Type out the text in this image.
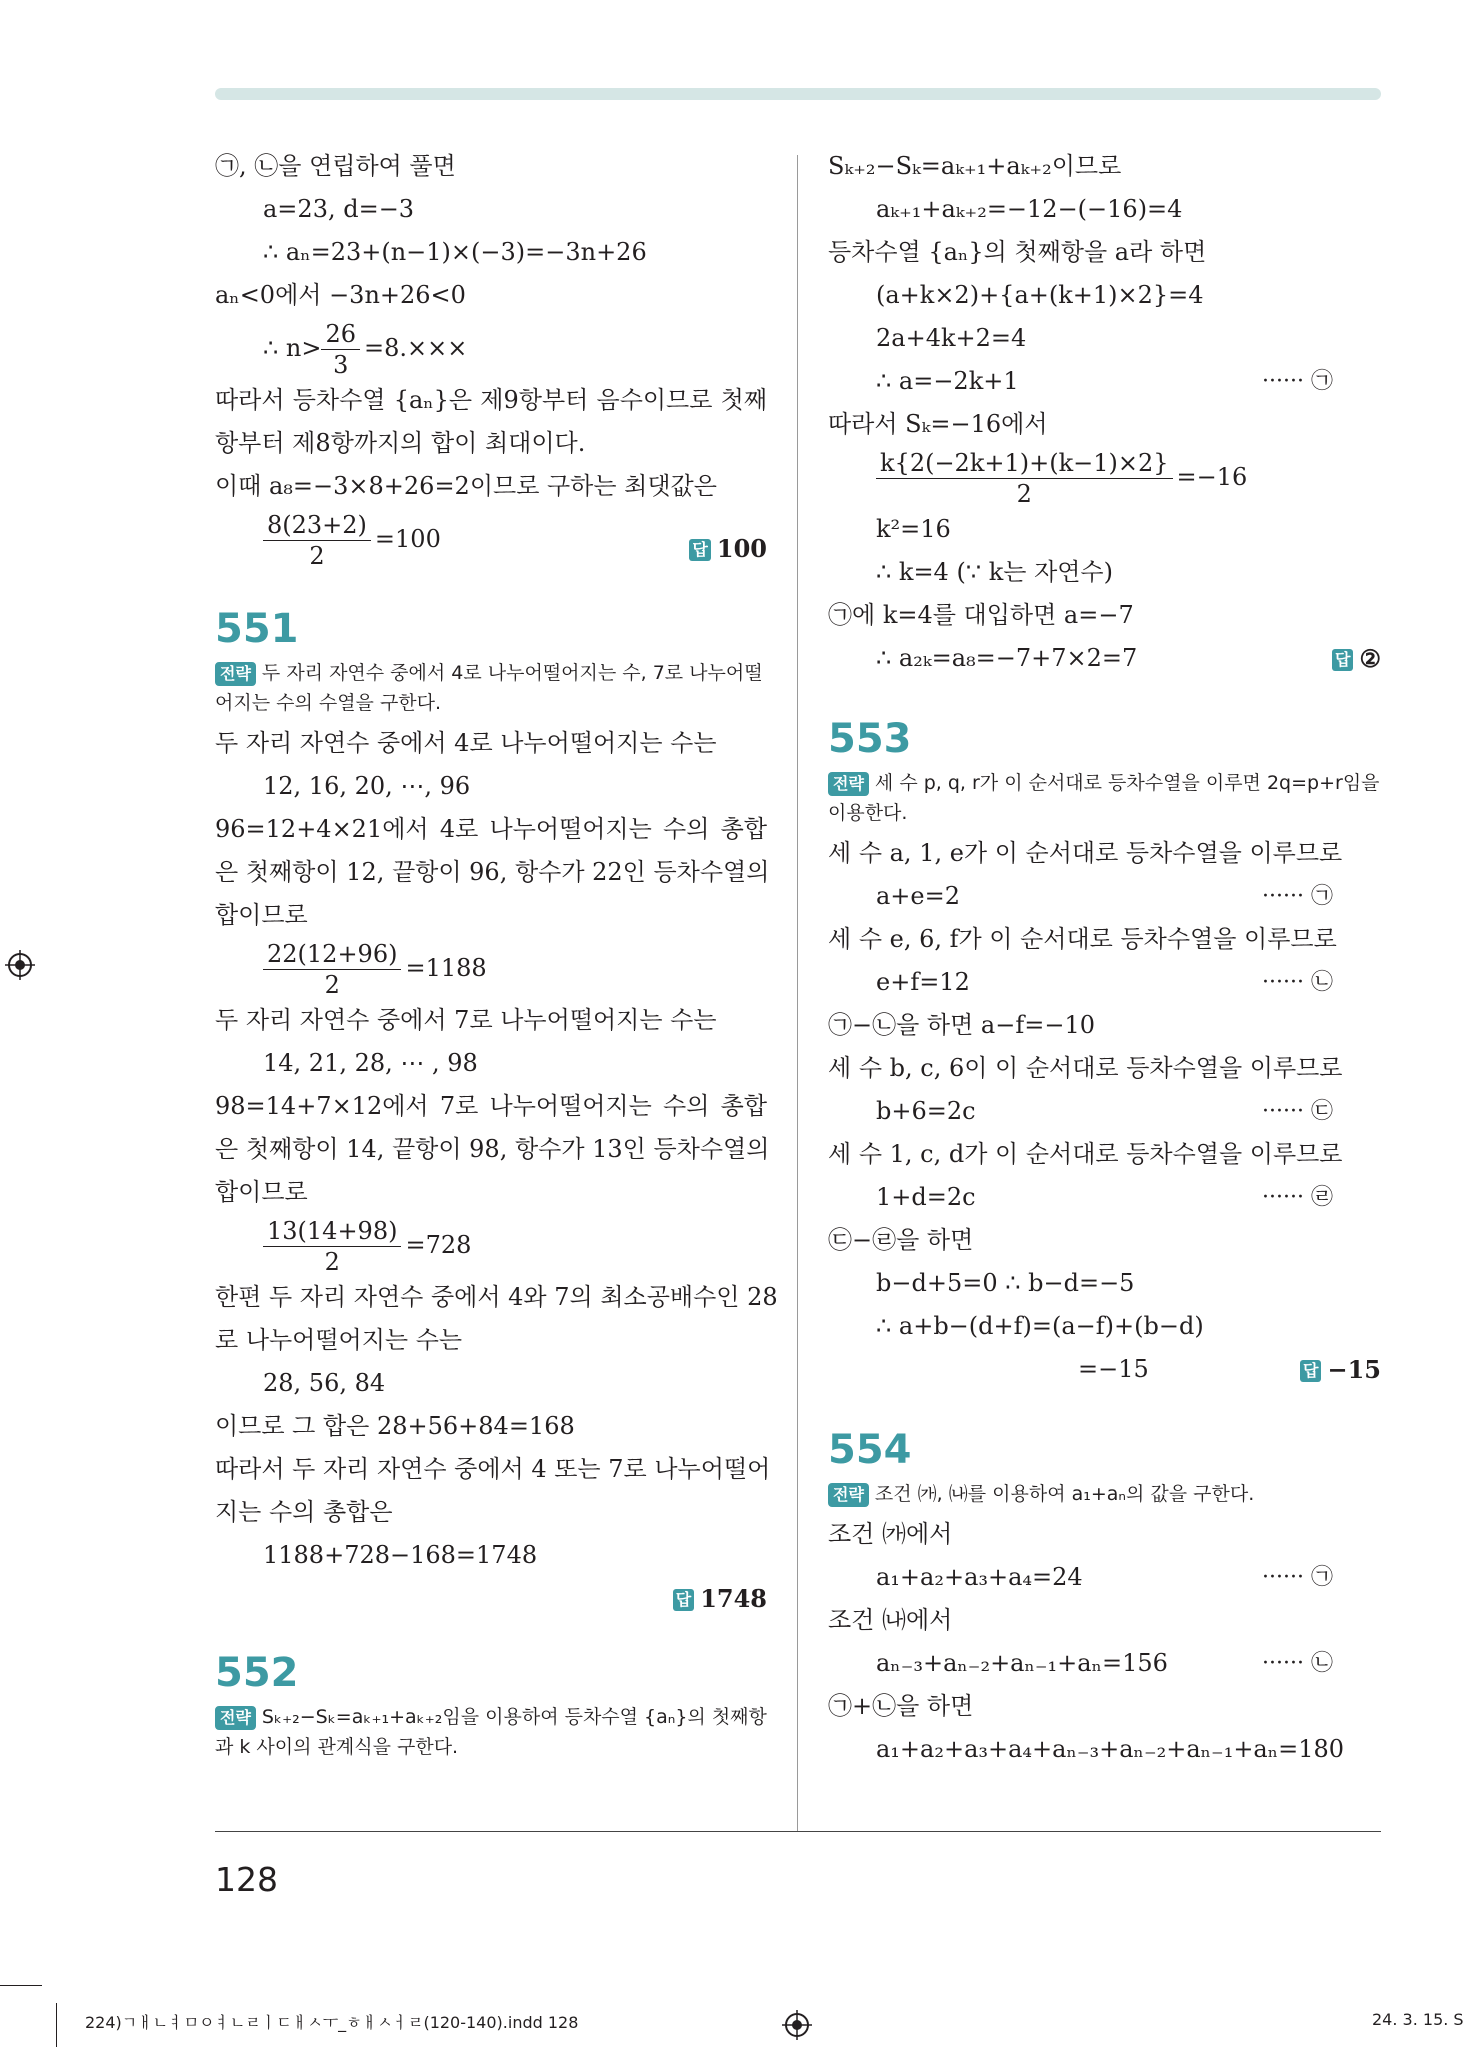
㉠, ㉡을 연립하여 풀면
a=23, d=−3
∴ aₙ=23+(n−1)×(−3)=−3n+26
aₙ<0에서 −3n+26<0
∴ $n> \frac{26}{3} =8.\times\times\times$
따라서 등차수열 {aₙ}은 제9항부터 음수이므로 첫째
항부터 제8항까지의 합이 최대이다.
이때 a₈=−3×8+26=2이므로 구하는 최댓값은
$\frac{8(23+2)}{2} =100$	답 100
551
전략 두 자리 자연수 중에서 4로 나누어떨어지는 수, 7로 나누어떨어지는 수의 수열을 구한다.
두 자리 자연수 중에서 4로 나누어떨어지는 수는
12, 16, 20, ⋯, 96
96=12+4×21에서 4로 나누어떨어지는 수의 총합
은 첫째항이 12, 끝항이 96, 항수가 22인 등차수열의
합이므로
$\frac{22(12+96)}{2} =1188$
두 자리 자연수 중에서 7로 나누어떨어지는 수는
14, 21, 28, ⋯ , 98
98=14+7×12에서 7로 나누어떨어지는 수의 총합
은 첫째항이 14, 끝항이 98, 항수가 13인 등차수열의
합이므로
$\frac{13(14+98)}{2} =728$
한편 두 자리 자연수 중에서 4와 7의 최소공배수인 28
로 나누어떨어지는 수는
28, 56, 84
이므로 그 합은 28+56+84=168
따라서 두 자리 자연수 중에서 4 또는 7로 나누어떨어
지는 수의 총합은
1188+728−168=1748
답 1748
552
전략 Sₖ₊₂−Sₖ=aₖ₊₁+aₖ₊₂임을 이용하여 등차수열 {aₙ}의 첫째항과 k 사이의 관계식을 구한다.
Sₖ₊₂−Sₖ=aₖ₊₁+aₖ₊₂이므로
aₖ₊₁+aₖ₊₂=−12−(−16)=4
등차수열 {aₙ}의 첫째항을 a라 하면
(a+k×2)+{a+(k+1)×2}=4
2a+4k+2=4
∴ a=−2k+1	······ ㉠
따라서 Sₖ=−16에서
$\frac{k\{2(-2k+1)+(k-1)\times 2\}}{2} =-16$
k²=16
∴ k=4 (∵ k는 자연수)
㉠에 k=4를 대입하면 a=−7
∴ a₂ₖ=a₈=−7+7×2=7	답 ②
553
전략 세 수 p, q, r가 이 순서대로 등차수열을 이루면 2q=p+r임을 이용한다.
세 수 a, 1, e가 이 순서대로 등차수열을 이루므로
a+e=2	······ ㉠
세 수 e, 6, f가 이 순서대로 등차수열을 이루므로
e+f=12	······ ㉡
㉠−㉡을 하면 a−f=−10
세 수 b, c, 6이 이 순서대로 등차수열을 이루므로
b+6=2c	······ ㉢
세 수 1, c, d가 이 순서대로 등차수열을 이루므로
1+d=2c	······ ㉣
㉢−㉣을 하면
b−d+5=0 ∴ b−d=−5
∴ a+b−(d+f)=(a−f)+(b−d)
=−15	답 −15
554
전략 조건 ㈎, ㈏를 이용하여 a₁+aₙ의 값을 구한다.
조건 ㈎에서
a₁+a₂+a₃+a₄=24	······ ㉠
조건 ㈏에서
aₙ₋₃+aₙ₋₂+aₙ₋₁+aₙ=156	······ ㉡
㉠+㉡을 하면
a₁+a₂+a₃+a₄+aₙ₋₃+aₙ₋₂+aₙ₋₁+aₙ=180
128
224)ㄱㅐㄴㅕㅁㅇㅕㄴㄹㅣㄷㅐㅅㅜ_ㅎㅐㅅㅓㄹ(120-140).indd 128	24. 3. 15. S
